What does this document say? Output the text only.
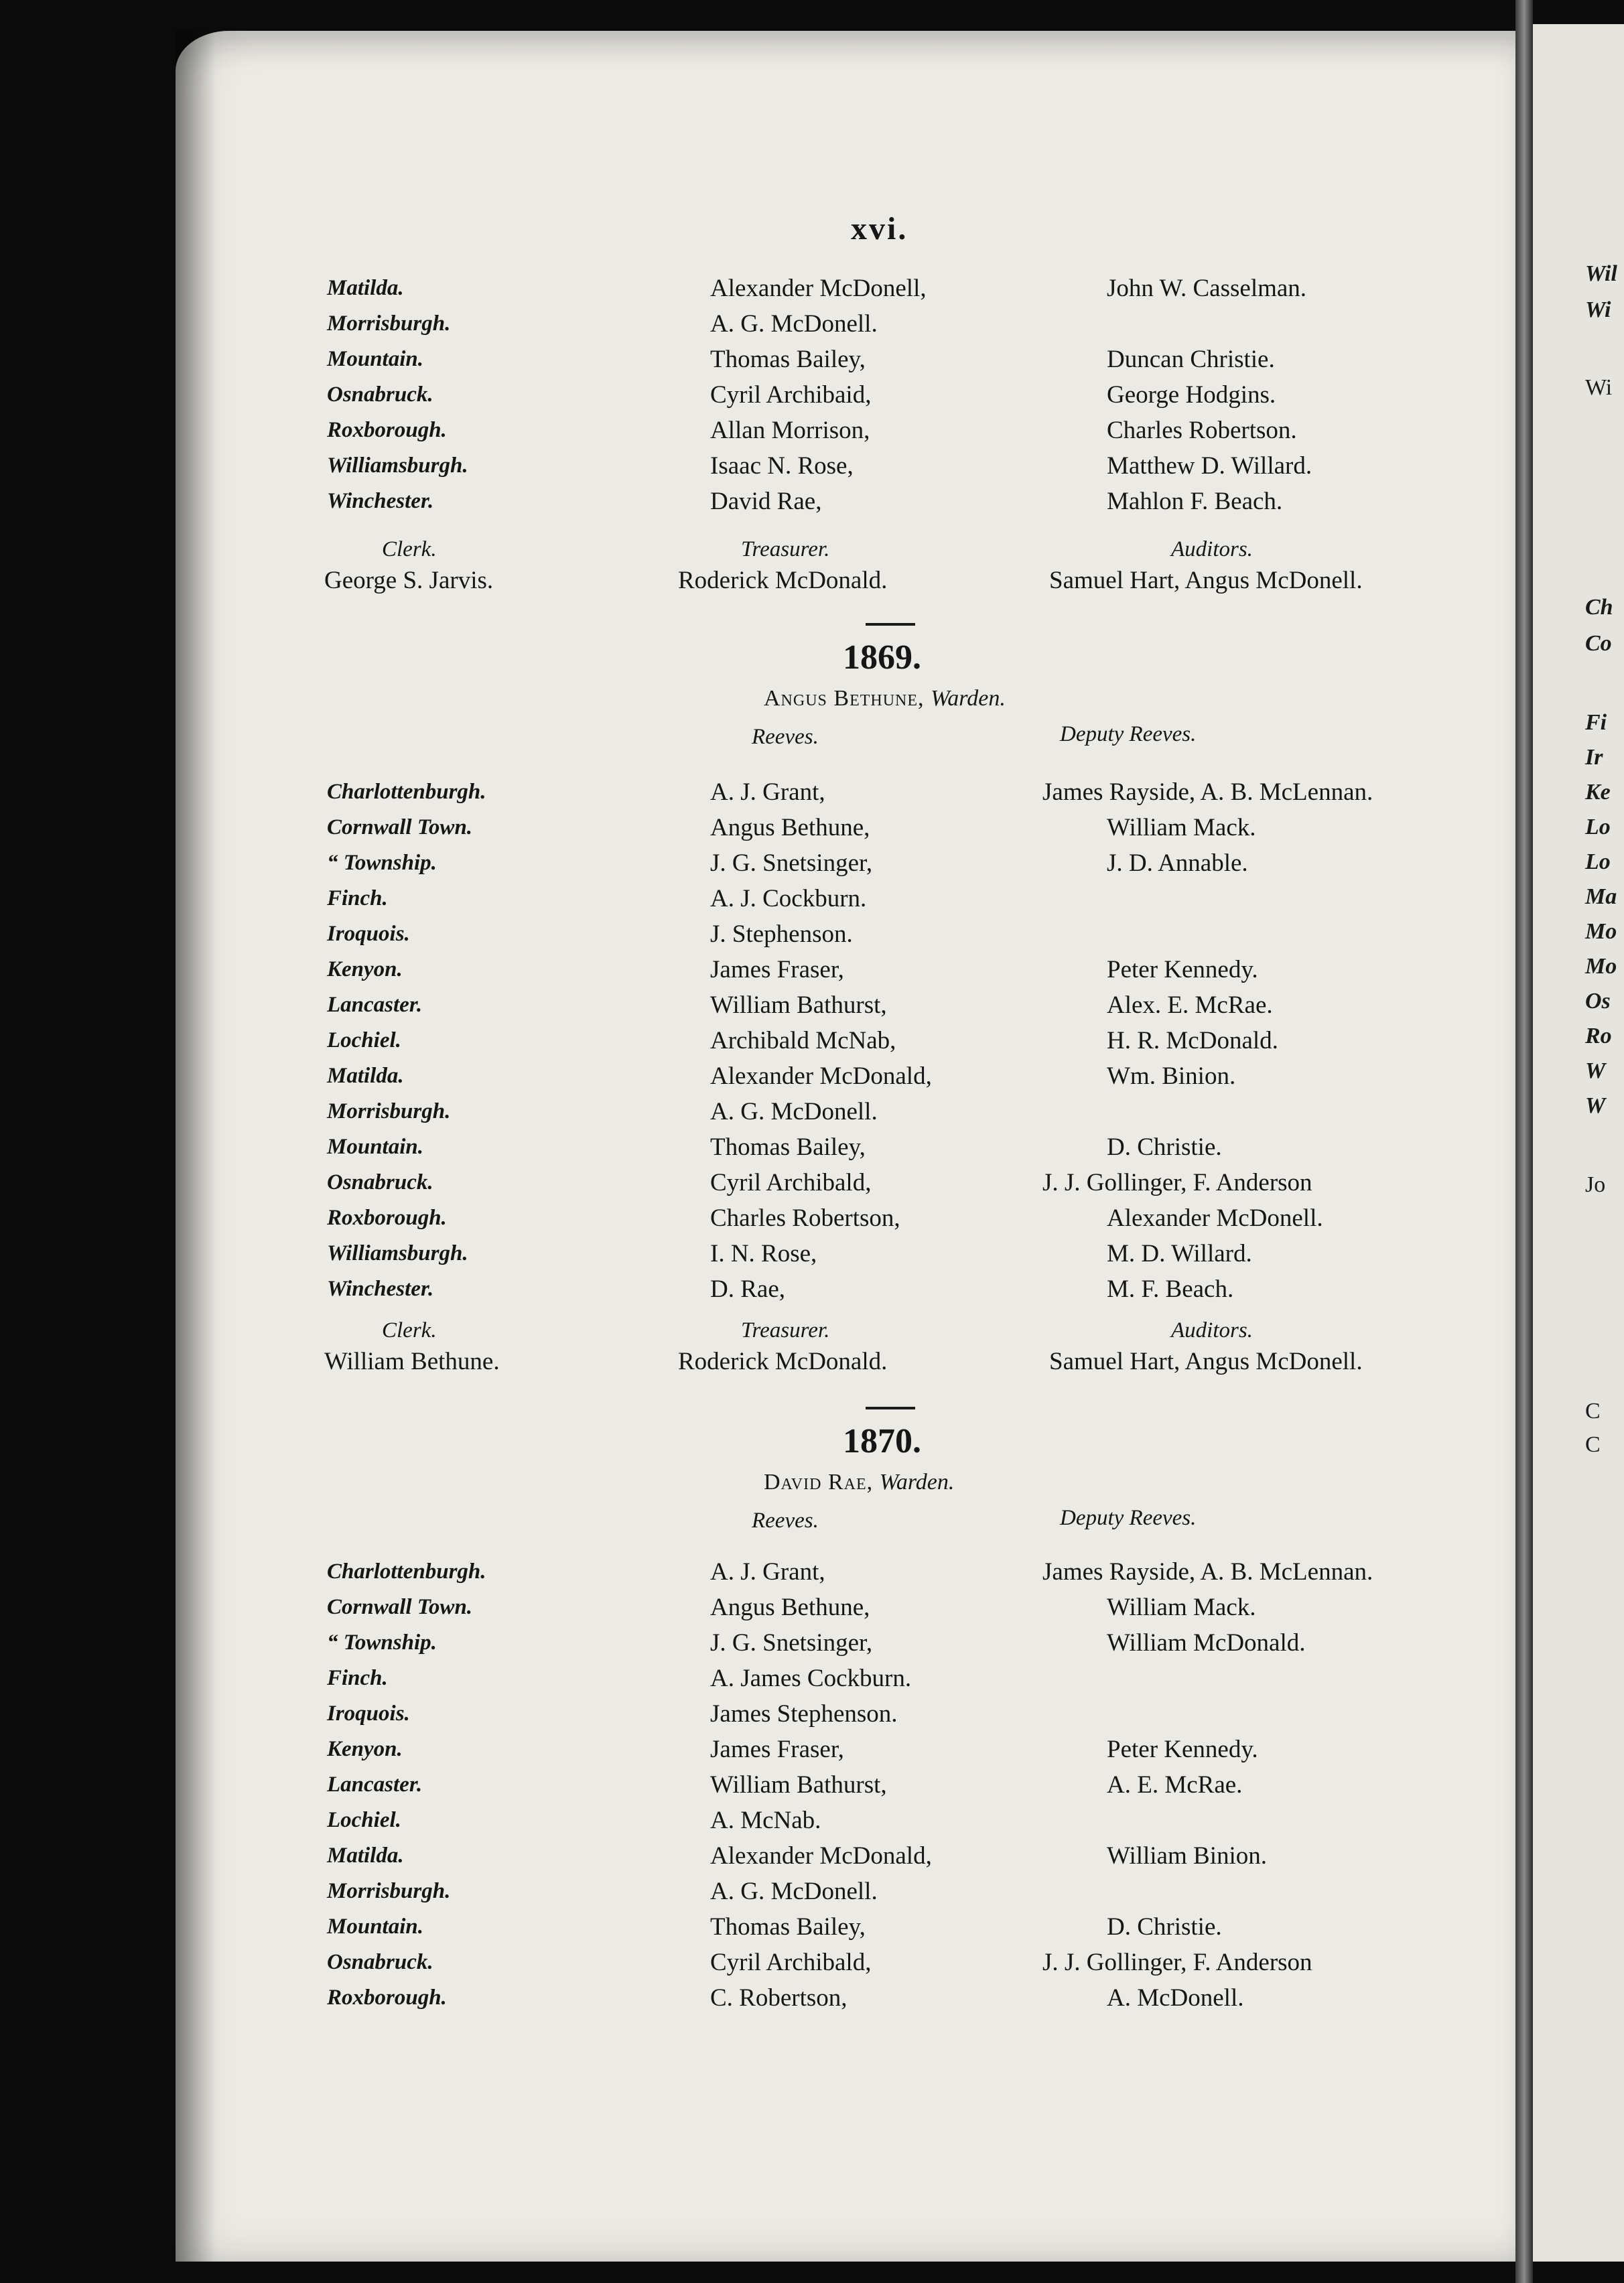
xvi.
Matilda.	Alexander McDonell,	John W. Casselman.
Morrisburgh.	A. G. McDonell.
Mountain.	Thomas Bailey,	Duncan Christie.
Osnabruck.	Cyril Archibaid,	George Hodgins.
Roxborough.	Allan Morrison,	Charles Robertson.
Williamsburgh.	Isaac N. Rose,	Matthew D. Willard.
Winchester.	David Rae,	Mahlon F. Beach.
Clerk.	Treasurer.	Auditors.
George S. Jarvis.	Roderick McDonald.	Samuel Hart, Angus McDonell.
1869.
Angus Bethune, Warden.
Reeves.	Deputy Reeves.
Charlottenburgh.	A. J. Grant,	James Rayside, A. B. McLennan.
Cornwall Town.	Angus Bethune,	William Mack.
“ Township.	J. G. Snetsinger,	J. D. Annable.
Finch.	A. J. Cockburn.
Iroquois.	J. Stephenson.
Kenyon.	James Fraser,	Peter Kennedy.
Lancaster.	William Bathurst,	Alex. E. McRae.
Lochiel.	Archibald McNab,	H. R. McDonald.
Matilda.	Alexander McDonald,	Wm. Binion.
Morrisburgh.	A. G. McDonell.
Mountain.	Thomas Bailey,	D. Christie.
Osnabruck.	Cyril Archibald,	J. J. Gollinger, F. Anderson
Roxborough.	Charles Robertson,	Alexander McDonell.
Williamsburgh.	I. N. Rose,	M. D. Willard.
Winchester.	D. Rae,	M. F. Beach.
Clerk.	Treasurer.	Auditors.
William Bethune.	Roderick McDonald.	Samuel Hart, Angus McDonell.
1870.
David Rae, Warden.
Reeves.	Deputy Reeves.
Charlottenburgh.	A. J. Grant,	James Rayside, A. B. McLennan.
Cornwall Town.	Angus Bethune,	William Mack.
“ Township.	J. G. Snetsinger,	William McDonald.
Finch.	A. James Cockburn.
Iroquois.	James Stephenson.
Kenyon.	James Fraser,	Peter Kennedy.
Lancaster.	William Bathurst,	A. E. McRae.
Lochiel.	A. McNab.
Matilda.	Alexander McDonald,	William Binion.
Morrisburgh.	A. G. McDonell.
Mountain.	Thomas Bailey,	D. Christie.
Osnabruck.	Cyril Archibald,	J. J. Gollinger, F. Anderson
Roxborough.	C. Robertson,	A. McDonell.
Wil
Wi
Wi
Ch
Co
Fi
Ir
Ke
Lo
Lo
Ma
Mo
Mo
Os
Ro
W
W
Jo
C
C
